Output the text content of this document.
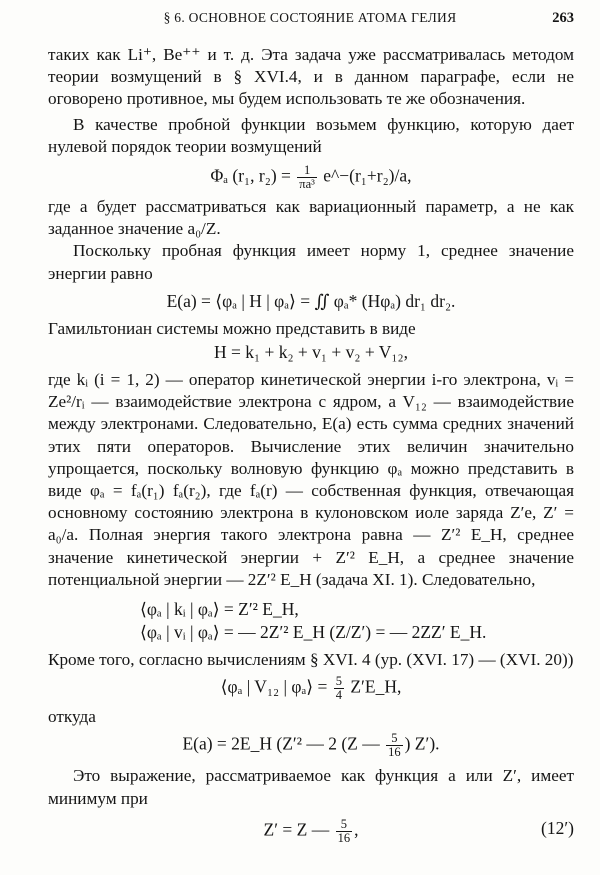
§ 6. ОСНОВНОЕ СОСТОЯНИЕ АТОМА ГЕЛИЯ	263

таких как Li⁺, Be⁺⁺ и т. д. Эта задача уже рассматривалась методом теории возмущений в § XVI.4, и в данном параграфе, если не оговорено противное, мы будем использовать те же обозначения.

В качестве пробной функции возьмем функцию, которую дает нулевой порядок теории возмущений

Φₐ (r₁, $r_2) = \frac{1}{\text{πa³}}$ e^−(r₁+r₂)/a,

где a будет рассматриваться как вариационный параметр, а не как заданное значение a₀/Z.

Поскольку пробная функция имеет норму 1, среднее значение энергии равно

E(a) = ⟨φₐ | H | φₐ⟩ = ∬ φₐ* (Hφₐ) dr₁ dr₂.

Гамильтониан системы можно представить в виде

H = k₁ + k₂ + v₁ + v₂ + V₁₂,

где kᵢ (i = 1, 2) — оператор кинетической энергии i-го электрона, vᵢ = Ze²/rᵢ — взаимодействие электрона с ядром, a V₁₂ — взаимодействие между электронами. Следовательно, E(a) есть сумма средних значений этих пяти операторов. Вычисление этих величин значительно упрощается, поскольку волновую функцию φₐ можно представить в виде φₐ = fₐ(r₁) fₐ(r₂), где fₐ(r) — собственная функция, отвечающая основному состоянию электрона в кулоновском иоле заряда Z′e, Z′ = a₀/a. Полная энергия такого электрона равна — Z′² E_H, среднее значение кинетической энергии + Z′² E_H, а среднее значение потенциальной энергии — 2Z′² E_H (задача XI. 1). Следовательно,

⟨φₐ | kᵢ | φₐ⟩ = Z′² E_H,
⟨φₐ | vᵢ | φₐ⟩ = — 2Z′² E_H (Z/Z′) = — 2ZZ′ E_H.

Кроме того, согласно вычислениям § XVI. 4 (ур. (XVI. 17) — (XVI. 20))

⟨φₐ | V₁₂ | φₐ⟩ = $\frac{5}{4}$ Z′E_H,

откуда

E(a) = 2E_H (Z′² — 2 (Z — $\frac{5}{16}$ ) Z′).

Это выражение, рассматриваемое как функция a или Z′, имеет минимум при

Z′ = Z — $\frac{5}{16}$ ,	(12′)
